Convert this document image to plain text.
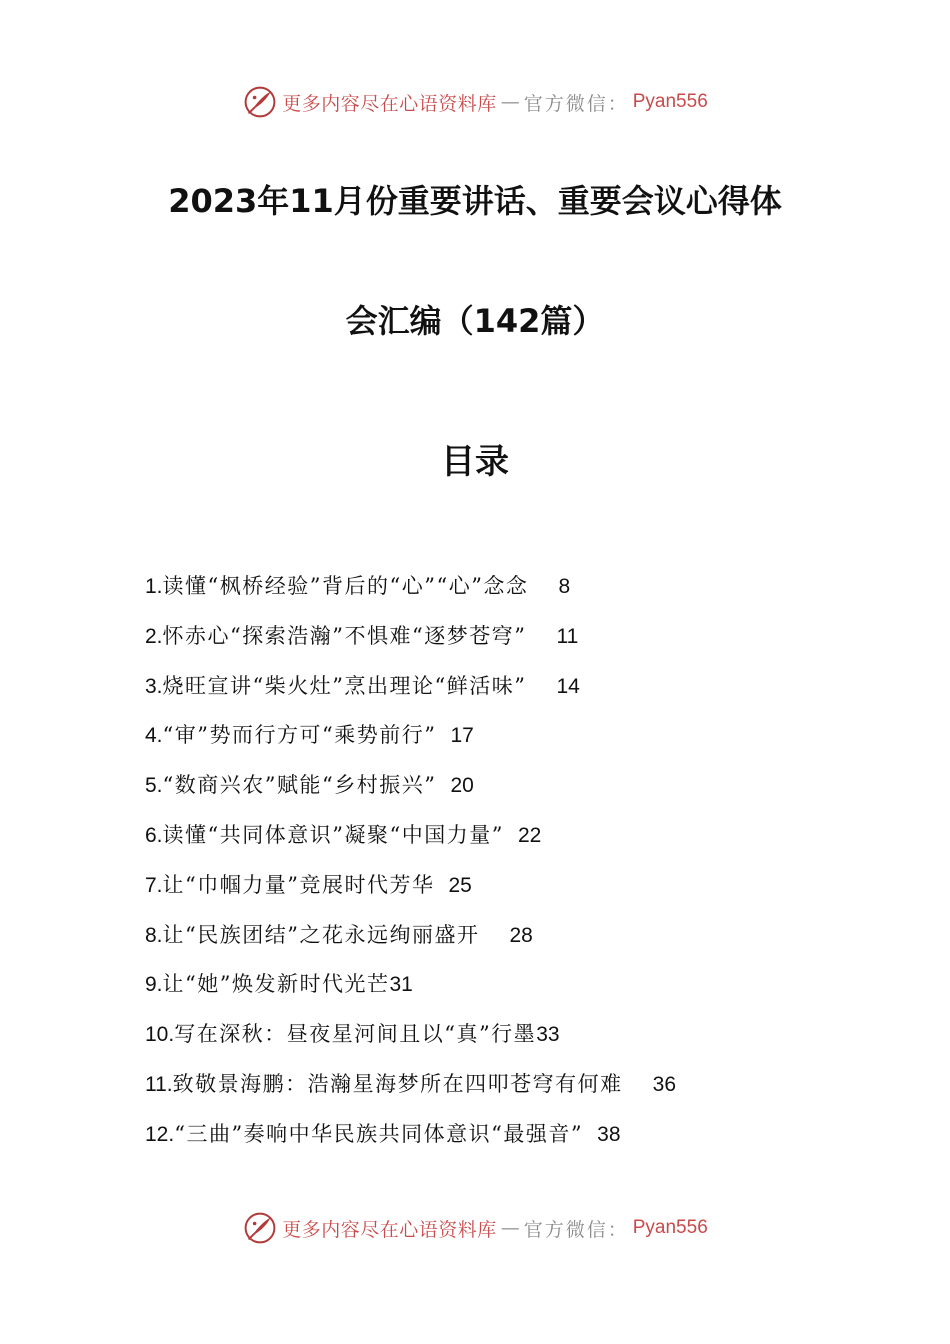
更多内容尽在心语资料库 — 官方微信： Pyan556
2023年11月份重要讲话、重要会议心得体
会汇编（142篇）
目录
1.读懂“枫桥经验”背后的“心”“心”念念 8
2.怀赤心“探索浩瀚”不惧难“逐梦苍穹” 11
3.烧旺宣讲“柴火灶”烹出理论“鲜活味” 14
4.“审”势而行方可“乘势前行” 17
5.“数商兴农”赋能“乡村振兴” 20
6.读懂“共同体意识”凝聚“中国力量” 22
7.让“巾帼力量”竞展时代芳华 25
8.让“民族团结”之花永远绚丽盛开 28
9.让“她”焕发新时代光芒31
10.写在深秋：昼夜星河间且以“真”行墨33
11.致敬景海鹏：浩瀚星海梦所在四叩苍穹有何难 36
12.“三曲”奏响中华民族共同体意识“最强音” 38
更多内容尽在心语资料库 — 官方微信： Pyan556
